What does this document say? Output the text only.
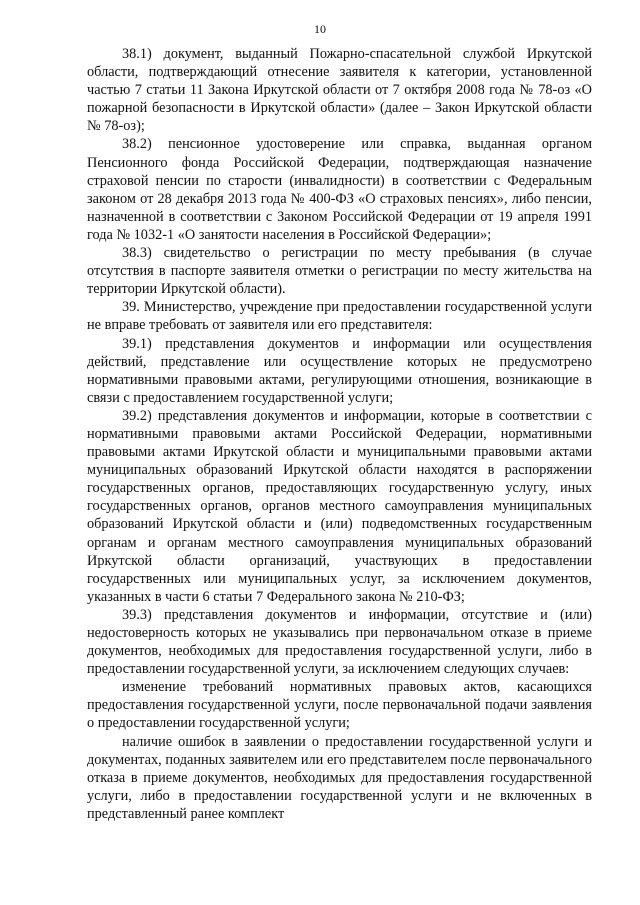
10

38.1) документ, выданный Пожарно-спасательной службой Иркутской области, подтверждающий отнесение заявителя к категории, установленной частью 7 статьи 11 Закона Иркутской области от 7 октября 2008 года № 78-оз «О пожарной безопасности в Иркутской области» (далее – Закон Иркутской области № 78-оз);

38.2) пенсионное удостоверение или справка, выданная органом Пенсионного фонда Российской Федерации, подтверждающая назначение страховой пенсии по старости (инвалидности) в соответствии с Федеральным законом от 28 декабря 2013 года № 400-ФЗ «О страховых пенсиях», либо пенсии, назначенной в соответствии с Законом Российской Федерации от 19 апреля 1991 года № 1032-1 «О занятости населения в Российской Федерации»;

38.3) свидетельство о регистрации по месту пребывания (в случае отсутствия в паспорте заявителя отметки о регистрации по месту жительства на территории Иркутской области).

39. Министерство, учреждение при предоставлении государственной услуги не вправе требовать от заявителя или его представителя:

39.1) представления документов и информации или осуществления действий, представление или осуществление которых не предусмотрено нормативными правовыми актами, регулирующими отношения, возникающие в связи с предоставлением государственной услуги;

39.2) представления документов и информации, которые в соответствии с нормативными правовыми актами Российской Федерации, нормативными правовыми актами Иркутской области и муниципальными правовыми актами муниципальных образований Иркутской области находятся в распоряжении государственных органов, предоставляющих государственную услугу, иных государственных органов, органов местного самоуправления муниципальных образований Иркутской области и (или) подведомственных государственным органам и органам местного самоуправления муниципальных образований Иркутской области организаций, участвующих в предоставлении государственных или муниципальных услуг, за исключением документов, указанных в части 6 статьи 7 Федерального закона № 210-ФЗ;

39.3) представления документов и информации, отсутствие и (или) недостоверность которых не указывались при первоначальном отказе в приеме документов, необходимых для предоставления государственной услуги, либо в предоставлении государственной услуги, за исключением следующих случаев:

изменение требований нормативных правовых актов, касающихся предоставления государственной услуги, после первоначальной подачи заявления о предоставлении государственной услуги;

наличие ошибок в заявлении о предоставлении государственной услуги и документах, поданных заявителем или его представителем после первоначального отказа в приеме документов, необходимых для предоставления государственной услуги, либо в предоставлении государственной услуги и не включенных в представленный ранее комплект
